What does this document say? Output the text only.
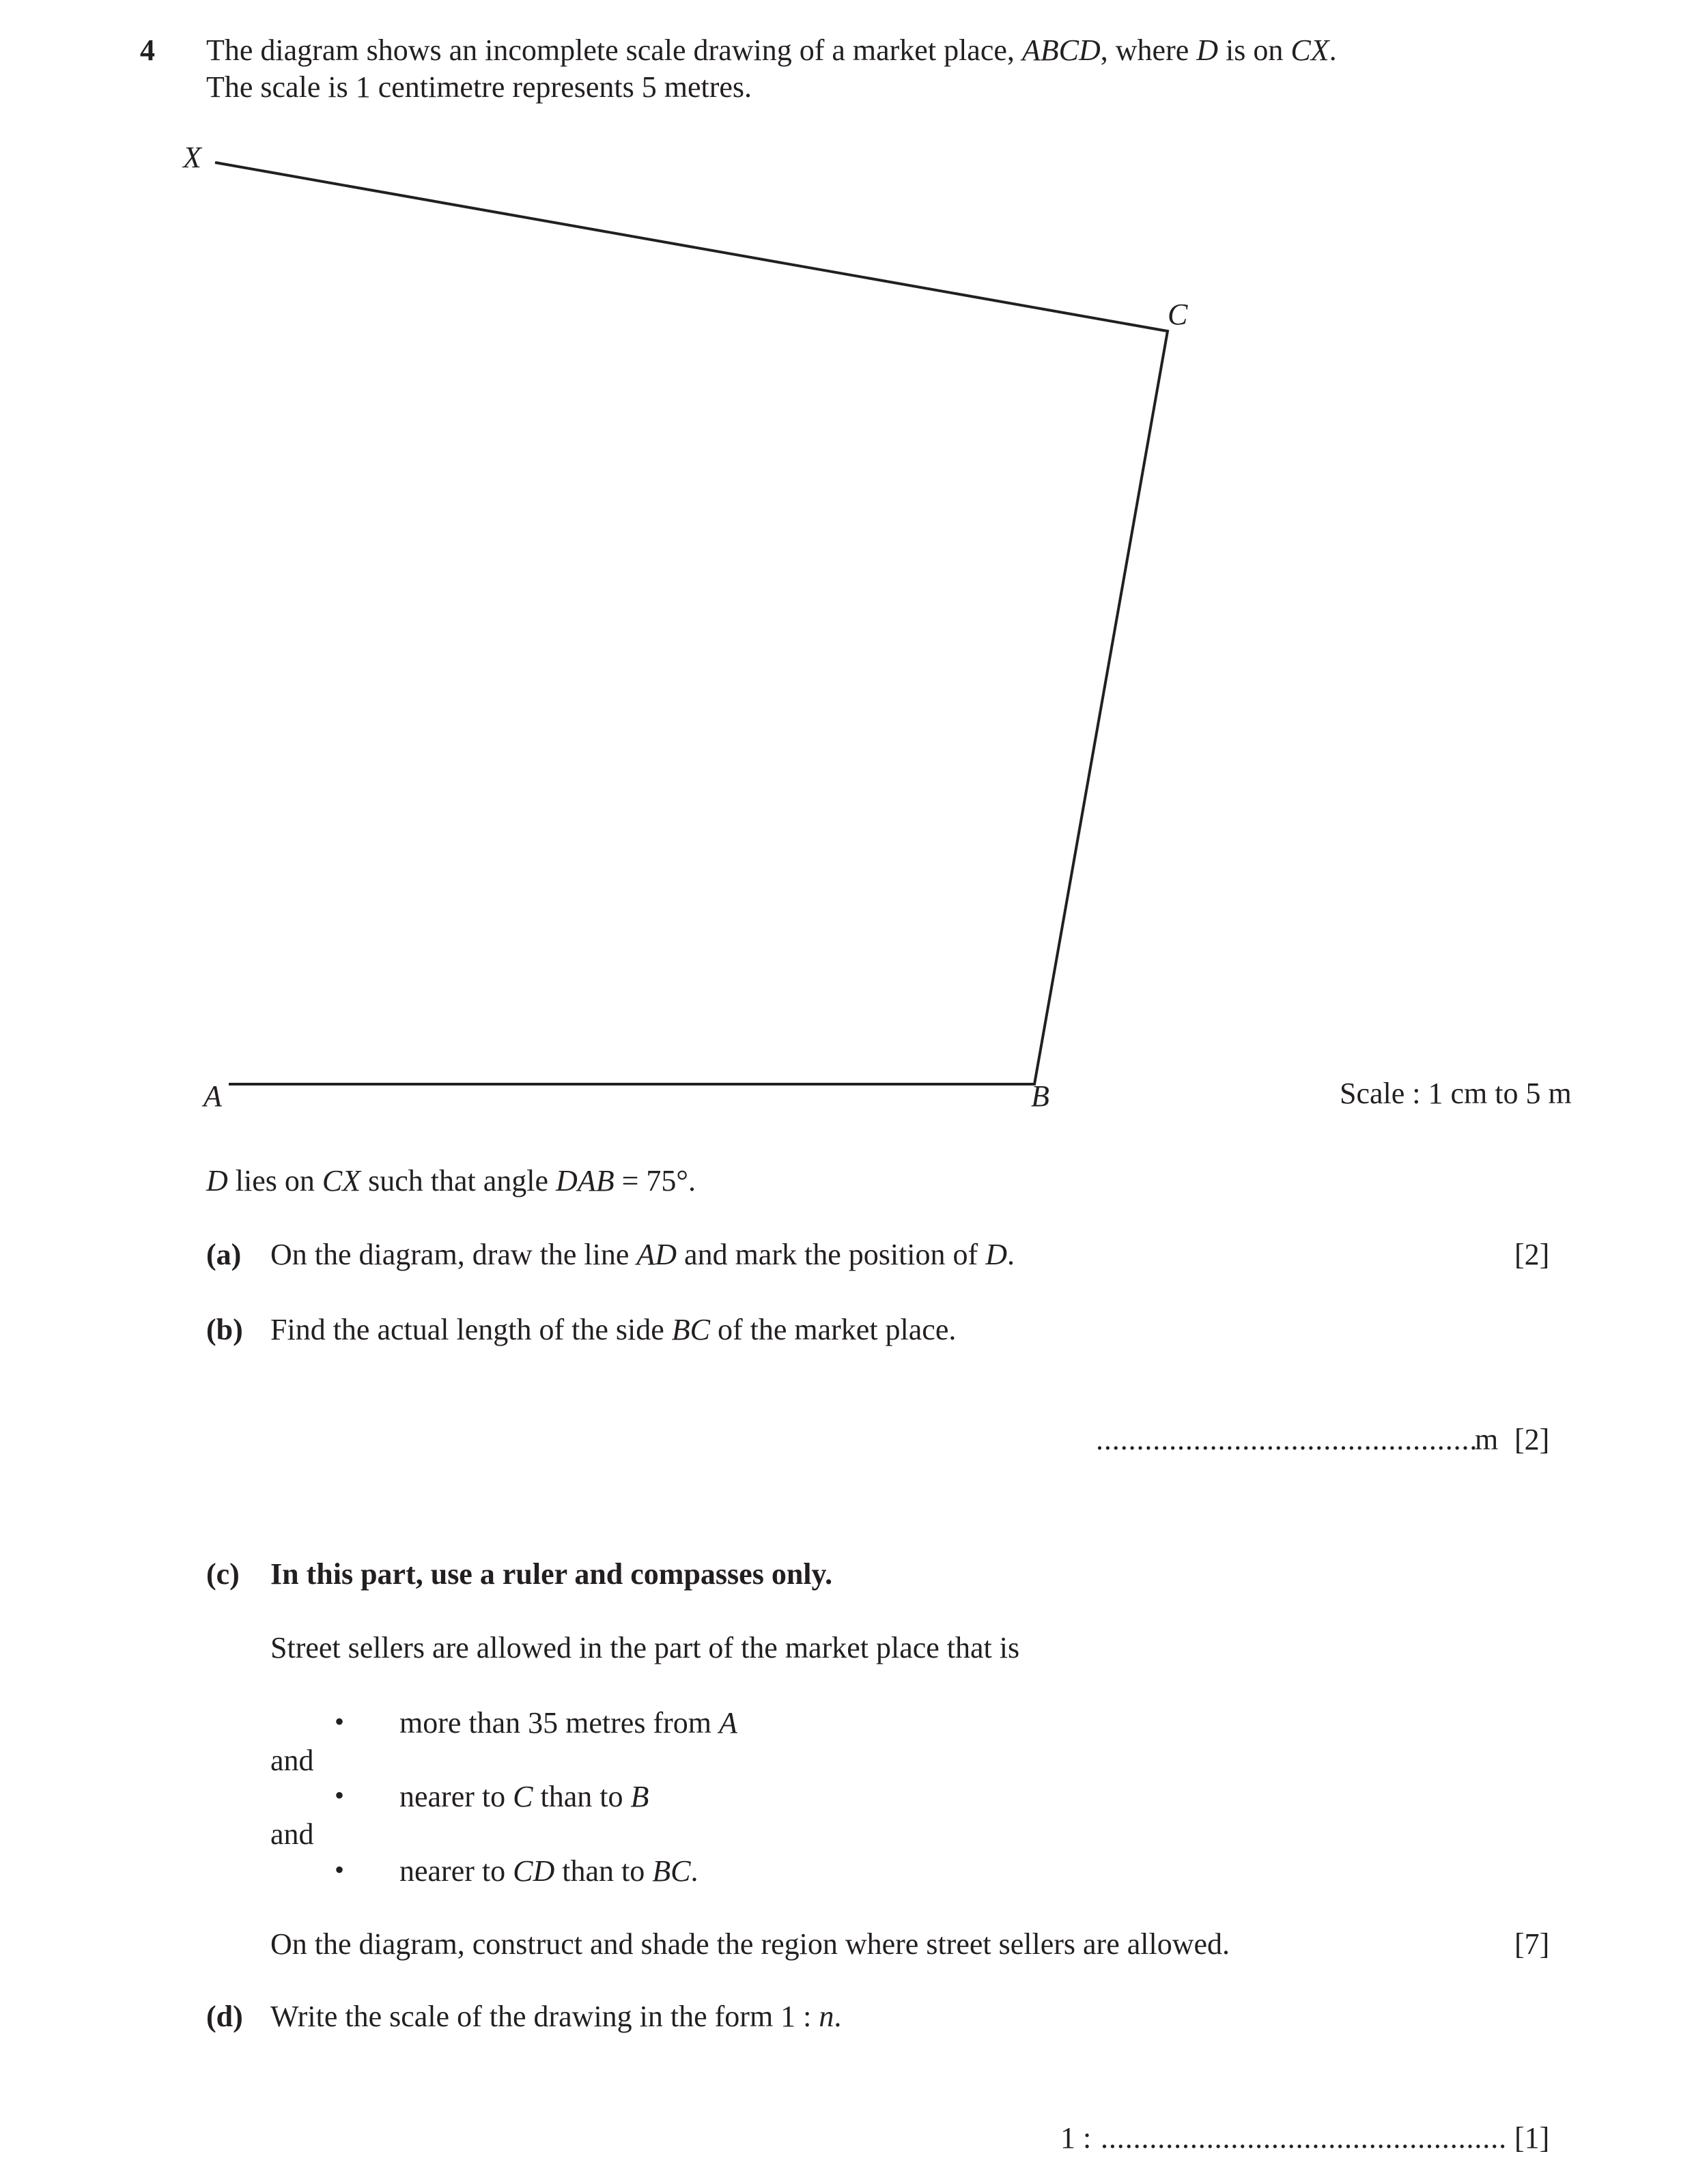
4 The diagram shows an incomplete scale drawing of a market place, ABCD, where D is on CX.
The scale is 1 centimetre represents 5 metres.
X
C
A	B	Scale : 1 cm to 5 m
D lies on CX such that angle DAB = 75°.
(a) On the diagram, draw the line AD and mark the position of D.	[2]
(b) Find the actual length of the side BC of the market place.
...............................................
m [2]
(c) In this part, use a ruler and compasses only.
Street sellers are allowed in the part of the market place that is
• more than 35 metres from A
and
• nearer to C than to B
and
• nearer to CD than to BC.
On the diagram, construct and shade the region where street sellers are allowed.	[7]
(d) Write the scale of the drawing in the form 1 : n.
1 : .................................................. [1]
